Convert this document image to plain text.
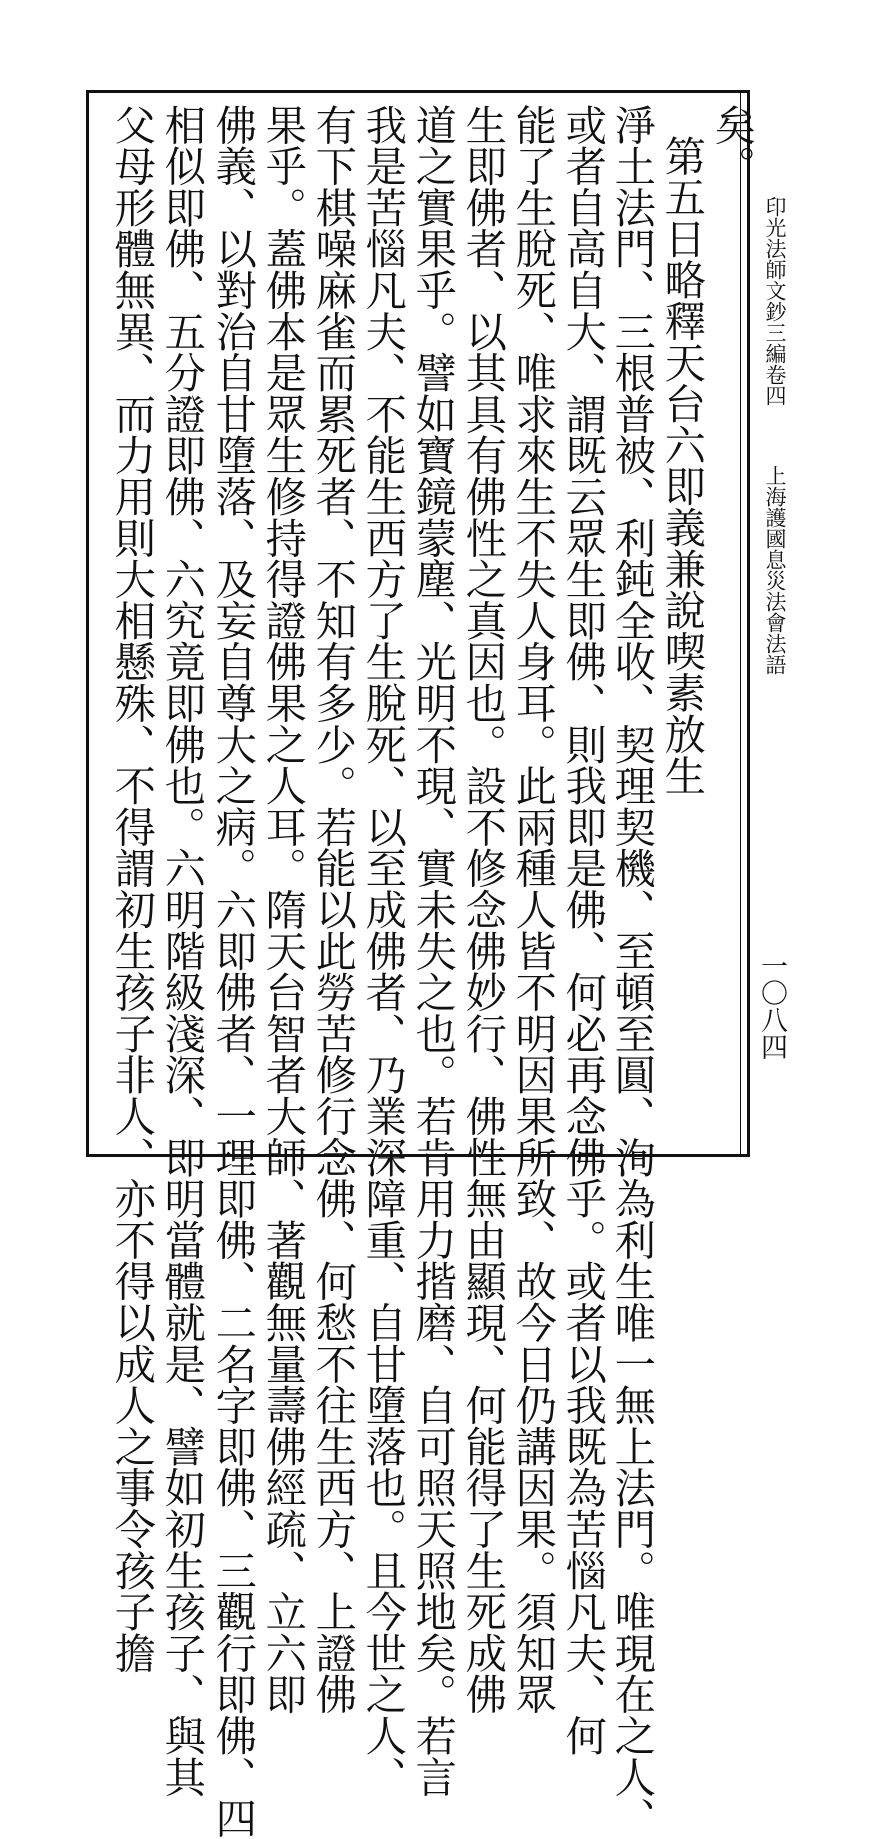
印光法師文鈔三編卷四
上海護國息災法會法語
一〇八四
矣。
第五日略釋天台六即義兼說喫素放生
淨土法門、三根普被、利鈍全收、契理契機、至頓至圓、洵為利生唯一無上法門。唯現在之人、
或者自高自大、謂既云眾生即佛、則我即是佛、何必再念佛乎。或者以我既為苦惱凡夫、何
能了生脫死、唯求來生不失人身耳。此兩種人皆不明因果所致、故今日仍講因果。須知眾
生即佛者、以其具有佛性之真因也。設不修念佛妙行、佛性無由顯現、何能得了生死成佛
道之實果乎。譬如寶鏡蒙塵、光明不現、實未失之也。若肯用力揩磨、自可照天照地矣。若言
我是苦惱凡夫、不能生西方了生脫死、以至成佛者、乃業深障重、自甘墮落也。且今世之人、
有下棋噪麻雀而累死者、不知有多少。若能以此勞苦修行念佛、何愁不往生西方、上證佛
果乎。蓋佛本是眾生修持得證佛果之人耳。隋天台智者大師、著觀無量壽佛經疏、立六即
佛義、以對治自甘墮落、及妄自尊大之病。六即佛者、一理即佛、二名字即佛、三觀行即佛、四
相似即佛、五分證即佛、六究竟即佛也。六明階級淺深、即明當體就是、譬如初生孩子、與其
父母形體無異、而力用則大相懸殊、不得謂初生孩子非人、亦不得以成人之事令孩子擔
